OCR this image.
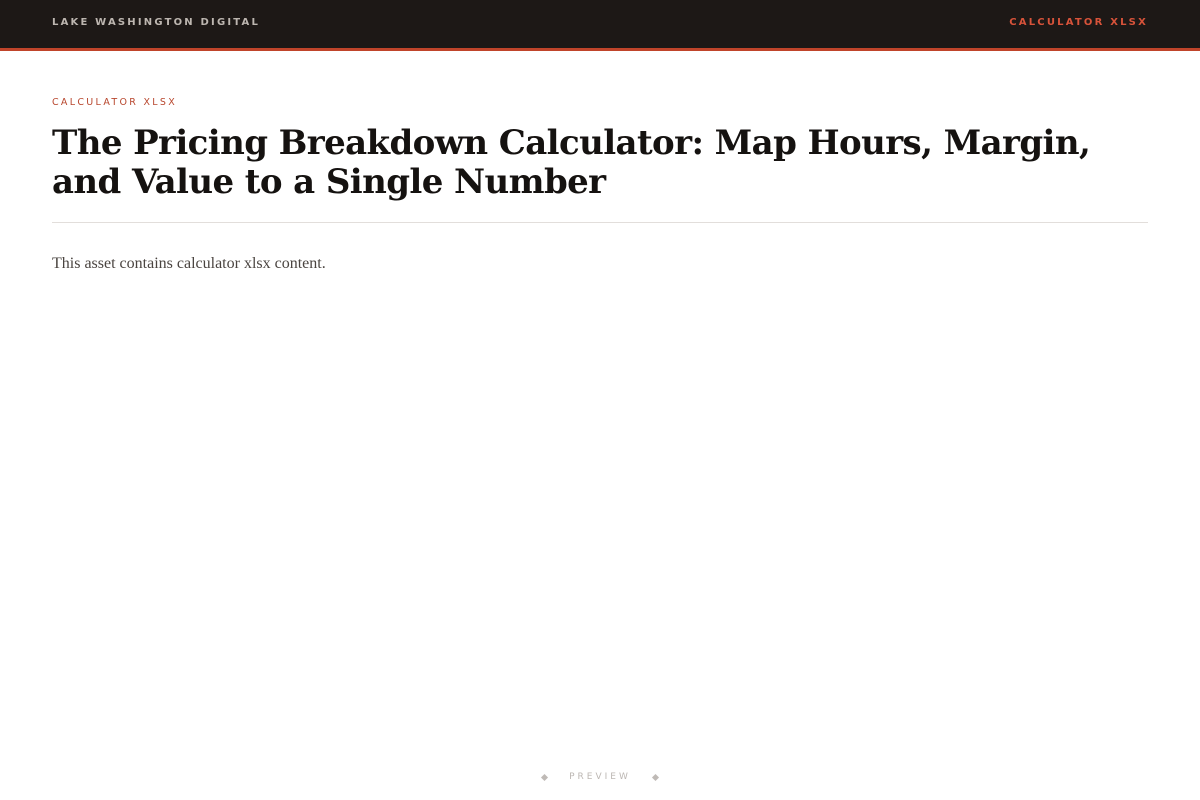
LAKE WASHINGTON DIGITAL	CALCULATOR XLSX
CALCULATOR XLSX
The Pricing Breakdown Calculator: Map Hours, Margin, and Value to a Single Number

This asset contains calculator xlsx content.

PREVIEW
